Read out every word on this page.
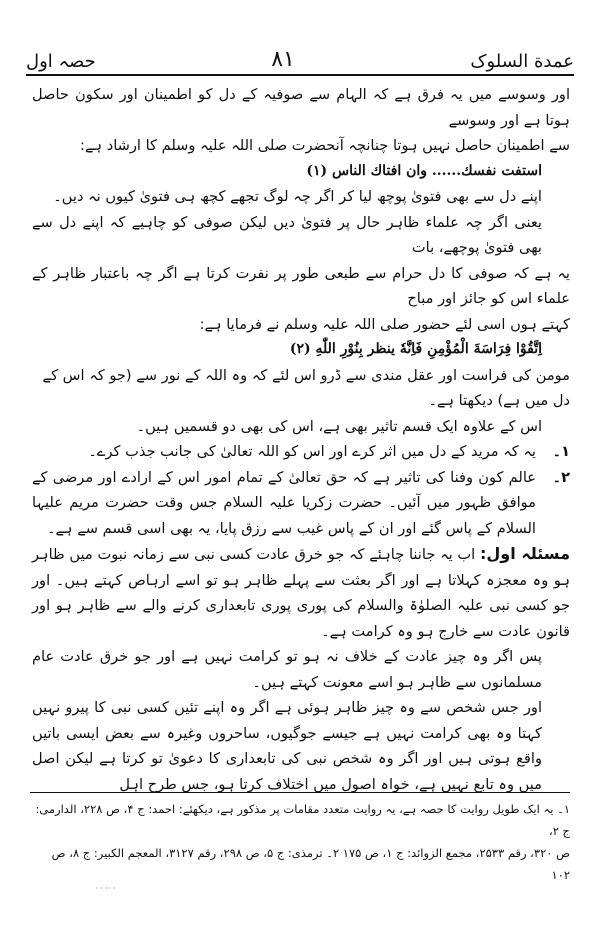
حصہ اول	۸۱	عمدة السلوک

اور وسوسے میں یہ فرق ہے کہ الہام سے صوفیہ کے دل کو اطمینان اور سکون حاصل ہوتا ہے اور وسوسے

سے اطمینان حاصل نہیں ہوتا چنانچہ آنحضرت صلی اللہ علیہ وسلم کا ارشاد ہے:

استفت نفسك...... وان افتاك الناس (۱)

اپنے دل سے بھی فتویٰ پوچھ لیا کر اگر چہ لوگ تجھے کچھ ہی فتویٰ کیوں نہ دیں۔

یعنی اگر چہ علماء ظاہر حال پر فتویٰ دیں لیکن صوفی کو چاہیے کہ اپنے دل سے بھی فتویٰ پوچھے، بات

یہ ہے کہ صوفی کا دل حرام سے طبعی طور پر نفرت کرتا ہے اگر چہ باعتبار ظاہر کے علماء اس کو جائز اور مباح

کہتے ہوں اسی لئے حضور صلی اللہ علیہ وسلم نے فرمایا ہے:

اِتَّقُوْا فِرَاسَةَ الْمُؤْمِنِ فَاِنَّهٗ ينظر بِنُوْرِ اللّٰهِ (۲)

مومن کی فراست اور عقل مندی سے ڈرو اس لئے کہ وہ اللہ کے نور سے (جو کہ اس کے

دل میں ہے) دیکھتا ہے۔

اس کے علاوہ ایک قسم تاثیر بھی ہے، اس کی بھی دو قسمیں ہیں۔

۱۔
یہ کہ مرید کے دل میں اثر کرے اور اس کو اللہ تعالیٰ کی جانب جذب کرے۔
۲۔
عالم کون وفنا کی تاثیر ہے کہ حق تعالیٰ کے تمام امور اس کے ارادے اور مرضی کے موافق ظہور میں آئیں۔ حضرت زکریا علیہ السلام جس وقت حضرت مریم علیہا السلام کے پاس گئے اور ان کے پاس غیب سے رزق پایا، یہ بھی اسی قسم سے ہے۔

مسئلہ اول: اب یہ جاننا چاہئے کہ جو خرق عادت کسی نبی سے زمانہ نبوت میں ظاہر ہو وہ معجزہ کہلاتا ہے اور اگر بعثت سے پہلے ظاہر ہو تو اسے ارہاص کہتے ہیں۔ اور جو کسی نبی علیہ الصلوٰۃ والسلام کی پوری پوری تابعداری کرنے والے سے ظاہر ہو اور قانون عادت سے خارج ہو وہ کرامت ہے۔

پس اگر وہ چیز عادت کے خلاف نہ ہو تو کرامت نہیں ہے اور جو خرق عادت عام مسلمانوں سے ظاہر ہو اسے معونت کہتے ہیں۔

اور جس شخص سے وہ چیز ظاہر ہوئی ہے اگر وہ اپنے تئیں کسی نبی کا پیرو نہیں کہتا وہ بھی کرامت نہیں ہے جیسے جوگیوں، ساحروں وغیرہ سے بعض ایسی باتیں واقع ہوتی ہیں اور اگر وہ شخص نبی کی تابعداری کا دعویٰ تو کرتا ہے لیکن اصل میں وہ تابع نہیں ہے، خواہ اصول میں اختلاف کرتا ہو، جس طرح اہل

۱۔ یہ ایک طویل روایت کا حصہ ہے، یہ روایت متعدد مقامات پر مذکور ہے، دیکھئے: احمد: ج ۴، ص ۲۲۸، الدارمی: ج ۲،

ص ۳۲۰، رقم ۲۵۳۳، مجمع الزوائد: ج ۱، ص ۱۷۵ ۲۔ ترمذی: ج ۵، ص ۲۹۸، رقم ۳۱۲۷، المعجم الکبیر: ج ۸، ص ۱۰۲

· · ·· ·
